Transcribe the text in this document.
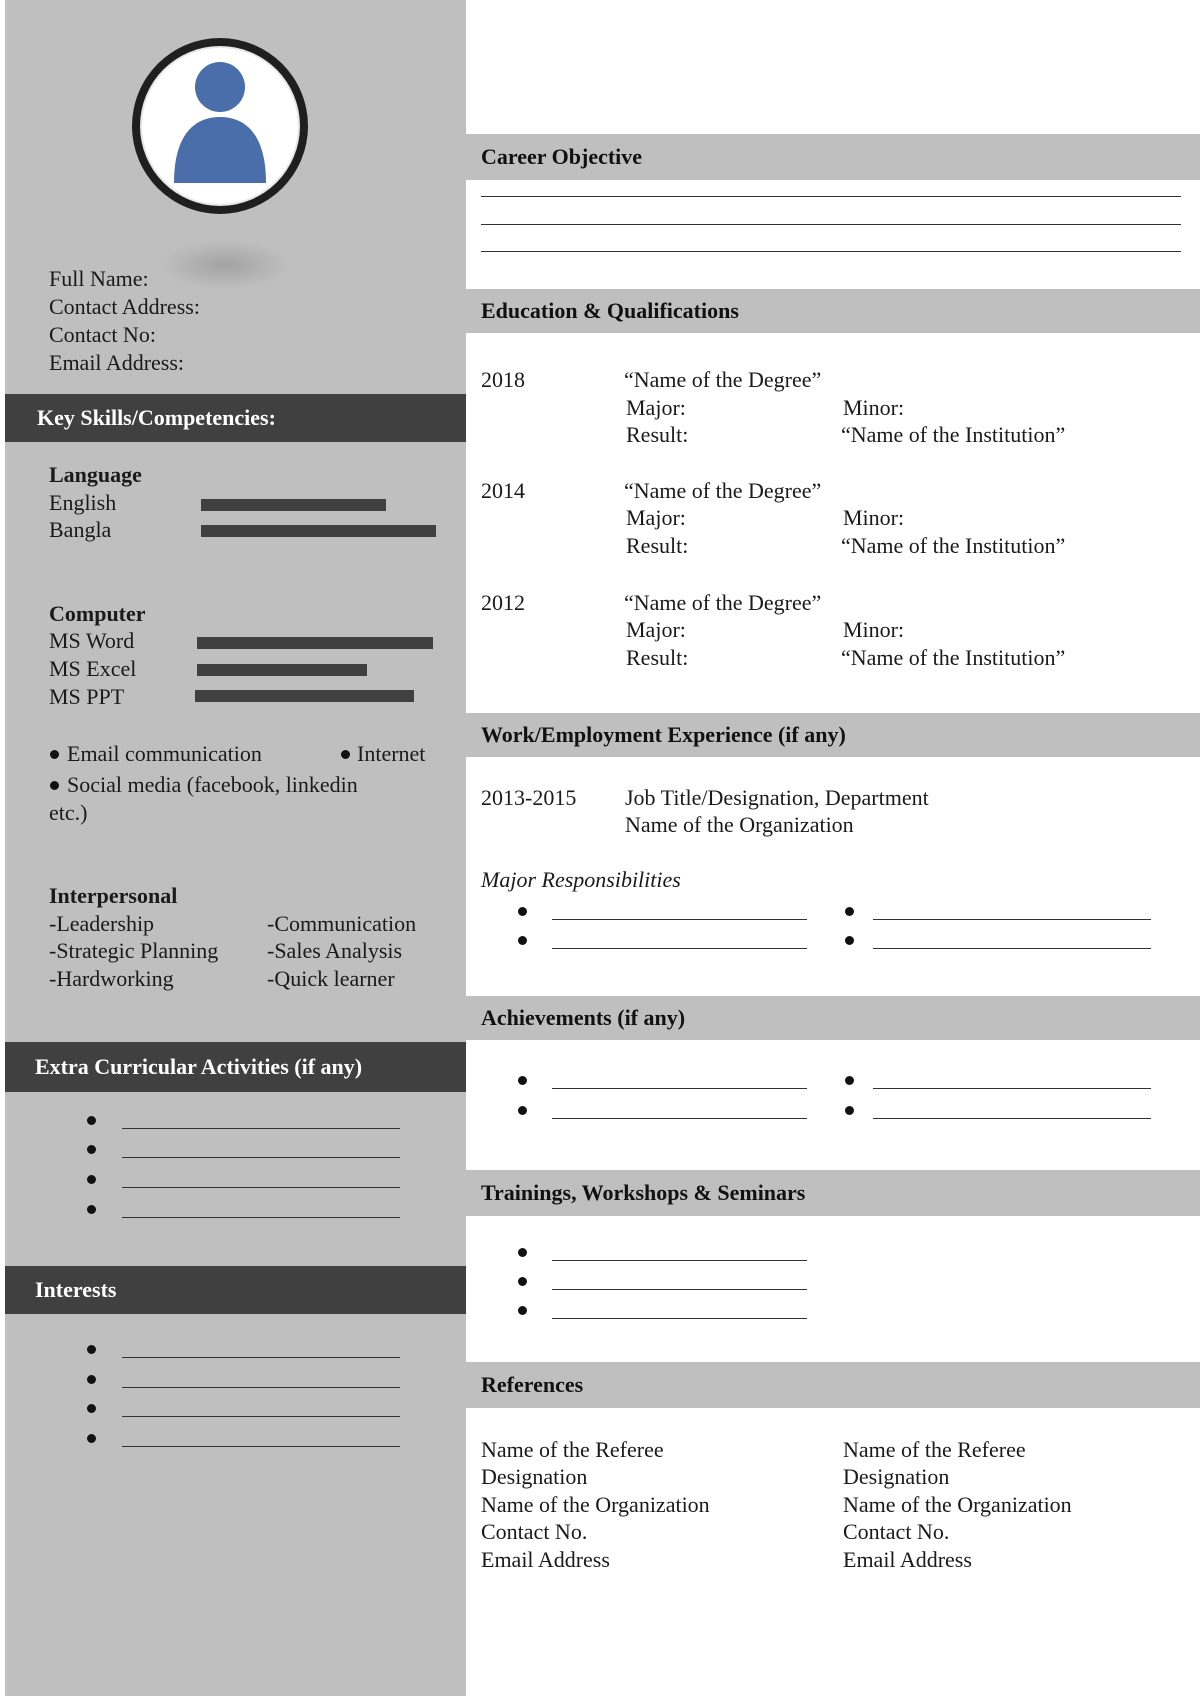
Full Name:
Contact Address:
Contact No:
Email Address:
Key Skills/Competencies:
Language
English
Bangla
Computer
MS Word
MS Excel
MS PPT
Email communication	Internet
Social media (facebook, linkedin
etc.)
Interpersonal
-Leadership
-Strategic Planning
-Hardworking
-Communication
-Sales Analysis
-Quick learner
Extra Curricular Activities (if any)
Interests
Career Objective
Education & Qualifications
2018	“Name of the Degree”
Major:	Minor:
Result:	“Name of the Institution”
2014	“Name of the Degree”
Major:	Minor:
Result:	“Name of the Institution”
2012	“Name of the Degree”
Major:	Minor:
Result:	“Name of the Institution”
Work/Employment Experience (if any)
2013-2015 Job Title/Designation, Department
Name of the Organization
Major Responsibilities
Achievements (if any)
Trainings, Workshops & Seminars
References
Name of the Referee
Designation
Name of the Organization
Contact No.
Email Address
Name of the Referee
Designation
Name of the Organization
Contact No.
Email Address
